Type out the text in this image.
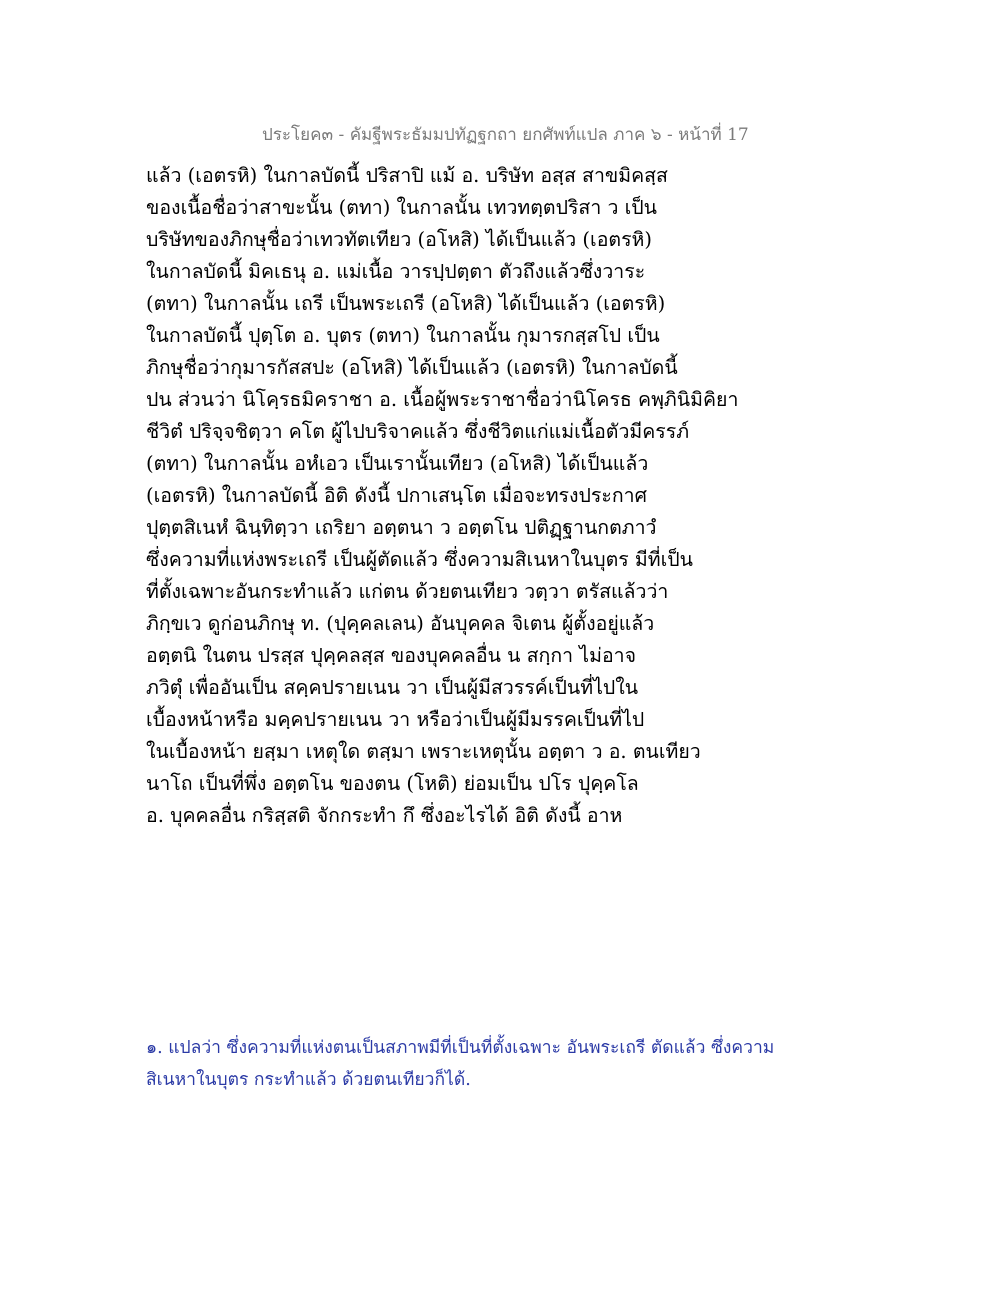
ประโยค๓ - คัมฐีพระธัมมปทัฏฐกถา ยกศัพท์แปล ภาค ๖ - หน้าที่ 17
แล้ว (เอตรหิ) ในกาลบัดนี้ ปริสาปิ แม้ อ. บริษัท อสฺส สาขมิคสฺส
ของเนื้อชื่อว่าสาขะนั้น (ตทา) ในกาลนั้น เทวทตฺตปริสา ว เป็น
บริษัทของภิกษุชื่อว่าเทวทัตเทียว (อโหสิ) ได้เป็นแล้ว (เอตรหิ)
ในกาลบัดนี้ มิคเธนุ อ. แม่เนื้อ วารปฺปตฺตา ตัวถึงแล้วซึ่งวาระ
(ตทา) ในกาลนั้น เถรี เป็นพระเถรี (อโหสิ) ได้เป็นแล้ว (เอตรหิ)
ในกาลบัดนี้ ปุตฺโต อ. บุตร (ตทา) ในกาลนั้น กุมารกสฺสโป เป็น
ภิกษุชื่อว่ากุมารกัสสปะ (อโหสิ) ได้เป็นแล้ว (เอตรหิ) ในกาลบัดนี้
ปน ส่วนว่า นิโคฺรธมิคราชา อ. เนื้อผู้พระราชาชื่อว่านิโครธ คพฺภินิมิคิยา
ชีวิตํ ปริจฺจชิตฺวา คโต ผู้ไปบริจาคแล้ว ซึ่งชีวิตแก่แม่เนื้อตัวมีครรภ์
(ตทา) ในกาลนั้น อหํเอว เป็นเรานั้นเทียว (อโหสิ) ได้เป็นแล้ว
(เอตรหิ) ในกาลบัดนี้ อิติ ดังนี้ ปกาเสนฺโต เมื่อจะทรงประกาศ
ปุตฺตสิเนหํ ฉินฺทิตฺวา เถริยา อตฺตนา ว อตฺตโน ปติฏฺฐานกตภาวํ
ซึ่งความที่แห่งพระเถรี เป็นผู้ตัดแล้ว ซึ่งความสิเนหาในบุตร มีที่เป็น
ที่ตั้งเฉพาะอันกระทำแล้ว แก่ตน ด้วยตนเทียว วตฺวา ตรัสแล้วว่า
ภิกฺขเว ดูก่อนภิกษุ ท. (ปุคฺคลเลน) อันบุคคล จิเตน ผู้ตั้งอยู่แล้ว
อตฺตนิ ในตน ปรสฺส ปุคฺคลสฺส ของบุคคลอื่น น สกฺกา ไม่อาจ
ภวิตุํ เพื่ออันเป็น สคฺคปรายเนน วา เป็นผู้มีสวรรค์เป็นที่ไปใน
เบื้องหน้าหรือ มคฺคปรายเนน วา หรือว่าเป็นผู้มีมรรคเป็นที่ไป
ในเบื้องหน้า ยสฺมา เหตุใด ตสฺมา เพราะเหตุนั้น อตฺตา ว อ. ตนเทียว
นาโถ เป็นที่พึ่ง อตฺตโน ของตน (โหติ) ย่อมเป็น ปโร ปุคฺคโล
อ. บุคคลอื่น กริสฺสติ จักกระทำ กึ ซึ่งอะไรได้ อิติ ดังนี้ อาห
๑. แปลว่า ซึ่งความที่แห่งตนเป็นสภาพมีที่เป็นที่ตั้งเฉพาะ อันพระเถรี ตัดแล้ว ซึ่งความ
สิเนหาในบุตร กระทำแล้ว ด้วยตนเทียวก็ได้.
